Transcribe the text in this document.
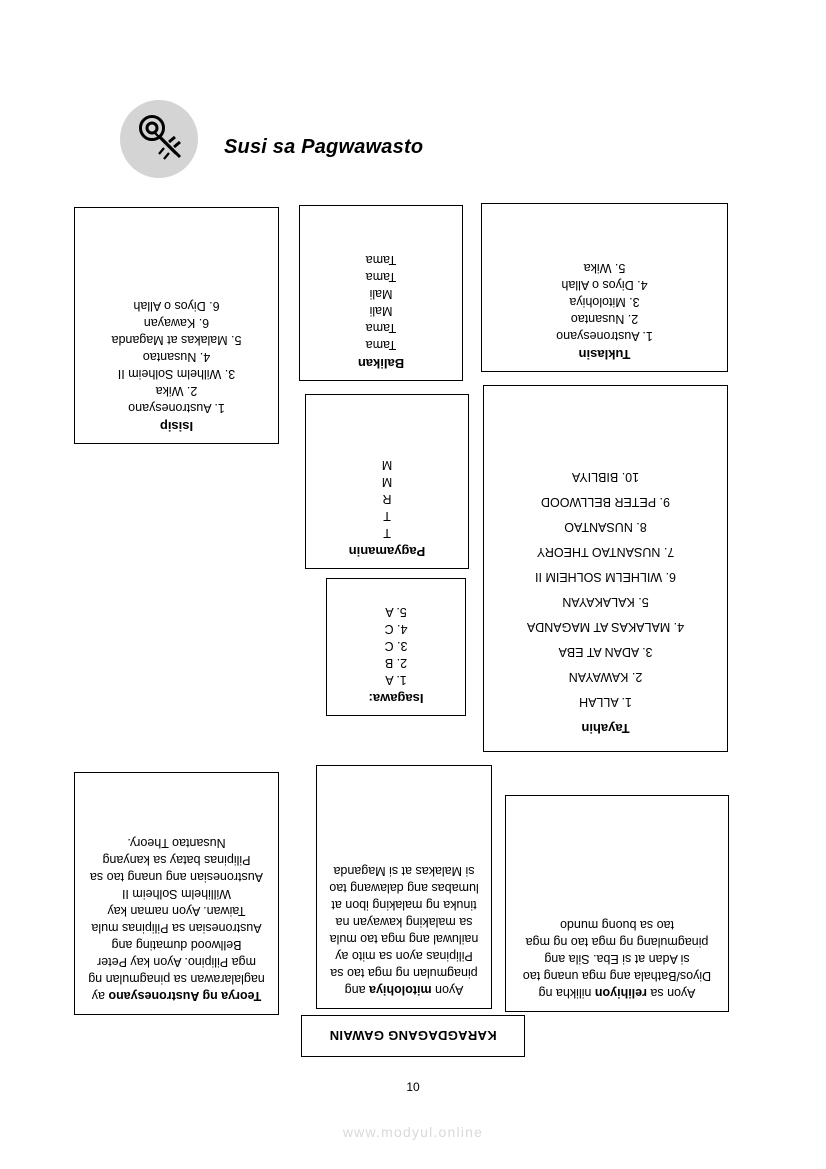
Susi sa Pagwawasto
Isisip
1. Austronesyano
2. Wika
3. Wilhelm Solheim II
4. Nusantao
5. Malakas at Maganda
6. Kawayan
6. Diyos o Allah
Balikan
Tama
Tama
Mali
Mali
Tama
Tama
Tuklasin
1. Austronesyano
2. Nusantao
3. Mitolohiya
4. Diyos o Allah
5. Wika
Pagyamanin
T
T
R
M
M
Tayahin
1. ALLAH
2. KAWAYAN
3. ADAN AT EBA
4. MALAKAS AT MAGANDA
5. KALAKAYAN
6. WILHELM SOLHEIM II
7. NUSANTAO THEORY
8. NUSANTAO
9. PETER BELLWOOD
10. BIBLIYA
Isagawa:
1. A
2. B
3. C
4. C
5. A
Teorya ng Austronesyano ay naglalarawan sa pinagmulan ng mga Pilipino. Ayon kay Peter Bellwood dumating ang Austronesian sa Pilipinas mula Taiwan. Ayon naman kay Willihelm Solheim II Austronesian ang unang tao sa Pilipinas batay sa kanyang Nusantao Theory.
Ayon mitolohiya ang pinagmulan ng mga tao sa Pilipinas ayon sa mito ay nailuwal ang mga tao mula sa malaking kawayan na tinuka ng malaking ibon at lumabas ang dalawang tao si Malakas at si Maganda
Ayon sa relihiyon nilikha ng Diyos/Bathala ang mga unang tao si Adan at si Eba. Sila ang pinagmulang ng mga tao ng mga tao sa buong mundo
KARAGDAGANG GAWAIN
10
www.modyul.online
